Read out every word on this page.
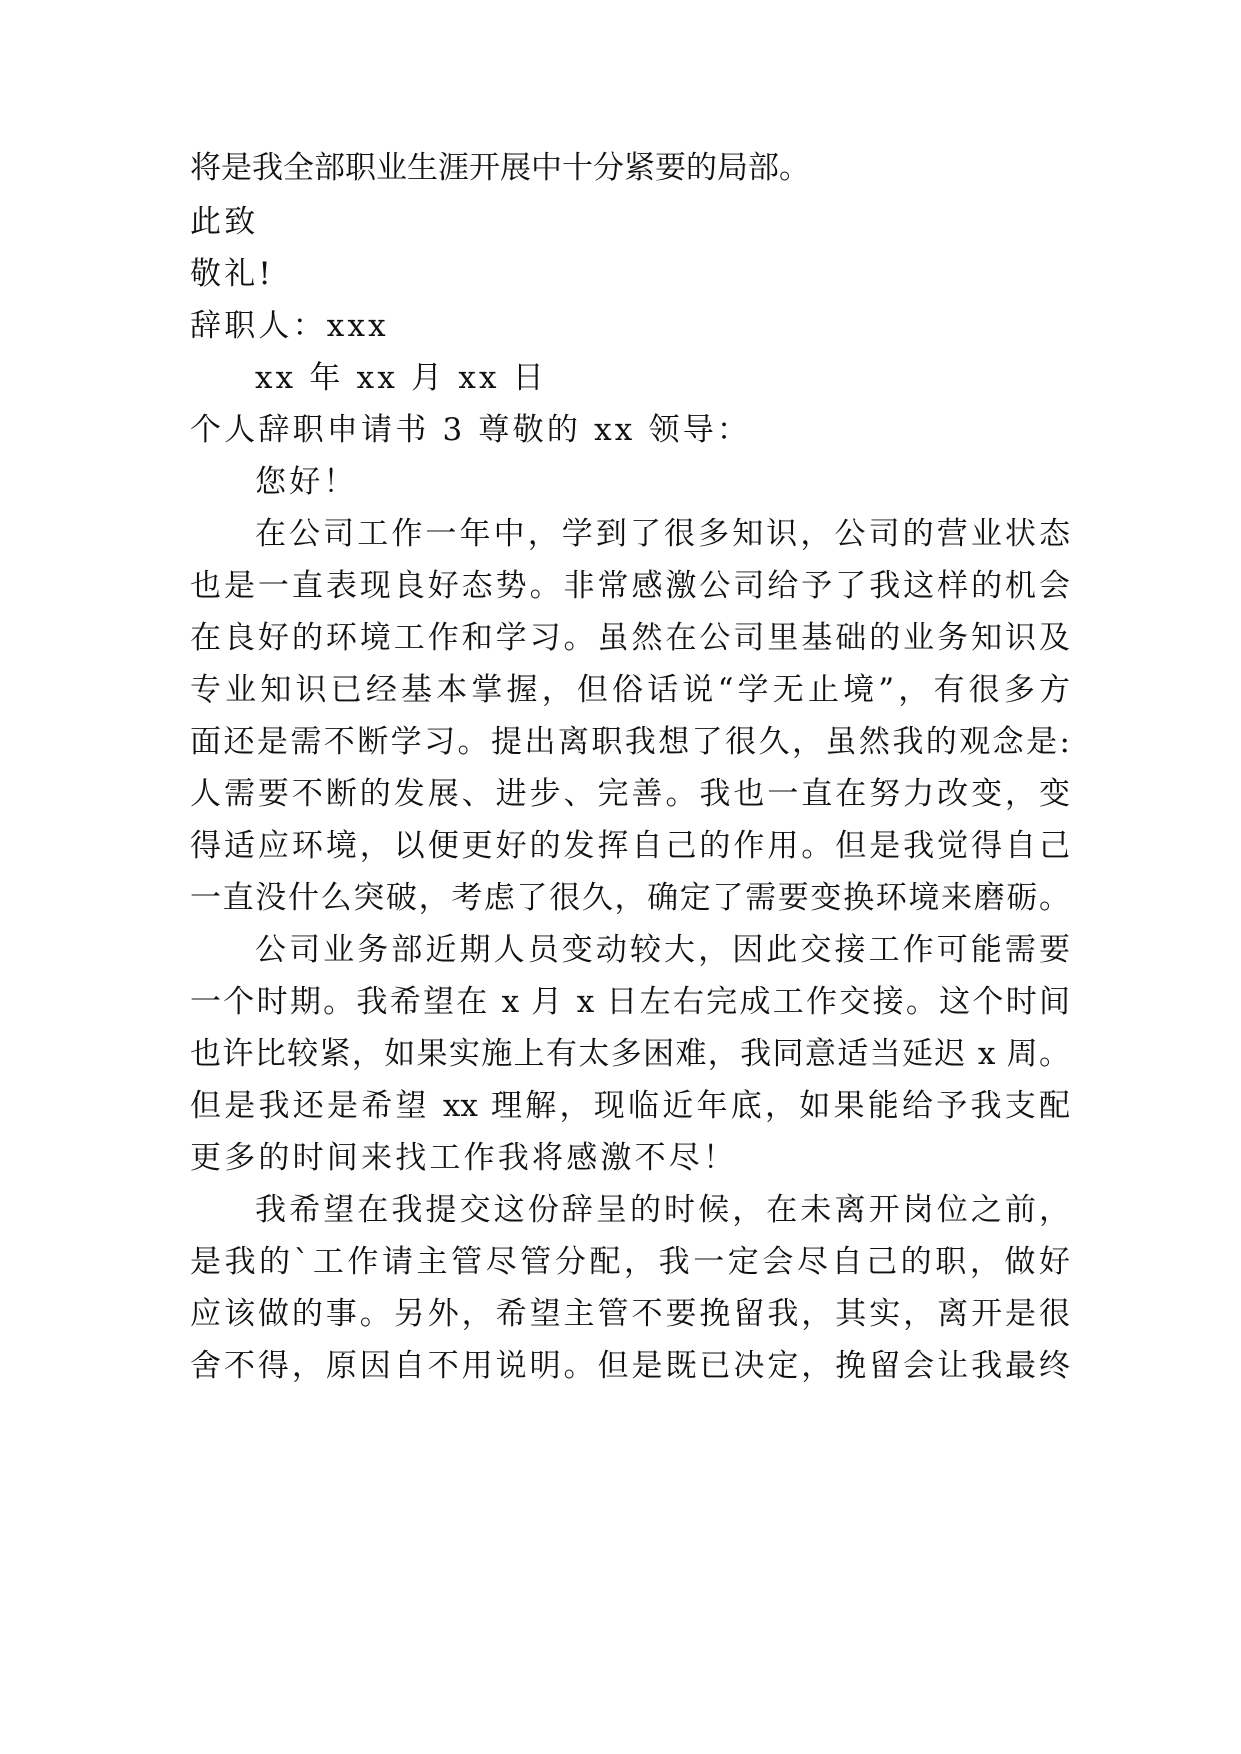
将是我全部职业生涯开展中十分紧要的局部。
此致
敬礼!
辞职人：xxx
xx 年 xx 月 xx 日
个人辞职申请书 3 尊敬的 xx 领导：
您好！
在公司工作一年中，学到了很多知识，公司的营业状态
也是一直表现良好态势。非常感激公司给予了我这样的机会
在良好的环境工作和学习。虽然在公司里基础的业务知识及
专业知识已经基本掌握，但俗话说“学无止境”，有很多方
面还是需不断学习。提出离职我想了很久，虽然我的观念是:
人需要不断的发展、进步、完善。我也一直在努力改变，变
得适应环境，以便更好的发挥自己的作用。但是我觉得自己
一直没什么突破，考虑了很久，确定了需要变换环境来磨砺。
公司业务部近期人员变动较大，因此交接工作可能需要
一个时期。我希望在 x 月 x 日左右完成工作交接。这个时间
也许比较紧，如果实施上有太多困难，我同意适当延迟 x 周。
但是我还是希望 xx 理解，现临近年底，如果能给予我支配
更多的时间来找工作我将感激不尽！
我希望在我提交这份辞呈的时候，在未离开岗位之前，
是我的`工作请主管尽管分配，我一定会尽自己的职，做好
应该做的事。另外，希望主管不要挽留我，其实，离开是很
舍不得，原因自不用说明。但是既已决定，挽留会让我最终
